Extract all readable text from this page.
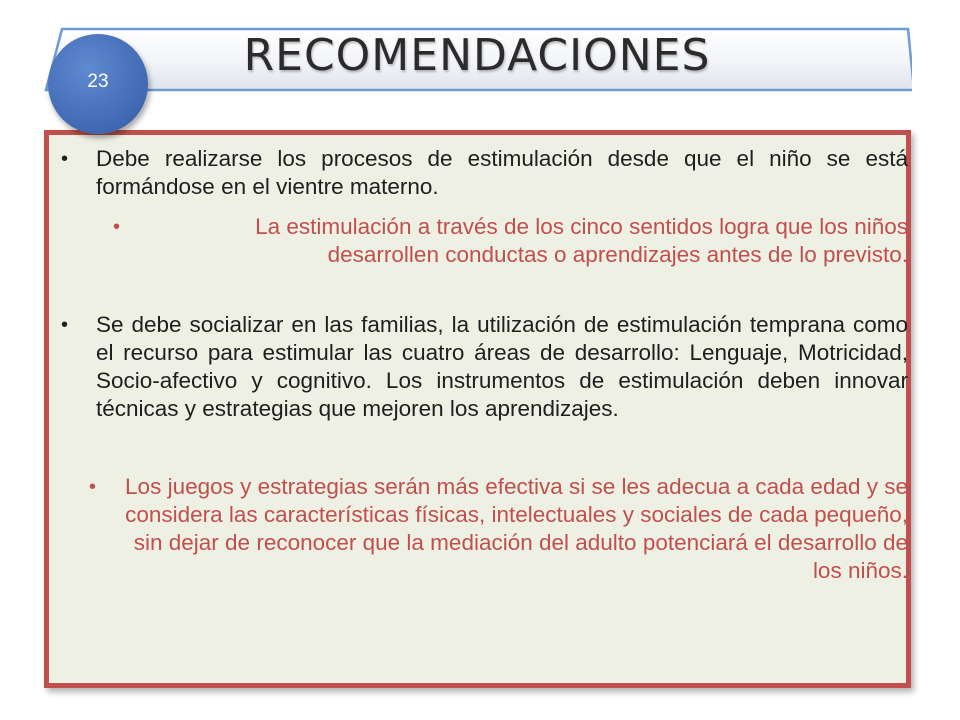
RECOMENDACIONES
23
• Debe realizarse los procesos de estimulación desde que el niño se está formándose en el vientre materno.
•	La estimulación a través de los cinco sentidos logra que los niños desarrollen conductas o aprendizajes antes de lo previsto.
• Se debe socializar en las familias, la utilización de estimulación temprana como el recurso para estimular las cuatro áreas de desarrollo: Lenguaje, Motricidad, Socio-afectivo y cognitivo. Los instrumentos de estimulación deben innovar técnicas y estrategias que mejoren los aprendizajes.
• Los juegos y estrategias serán más efectiva si se les adecua a cada edad y se considera las características físicas, intelectuales y sociales de cada pequeño, sin dejar de reconocer que la mediación del adulto potenciará el desarrollo de los niños.
